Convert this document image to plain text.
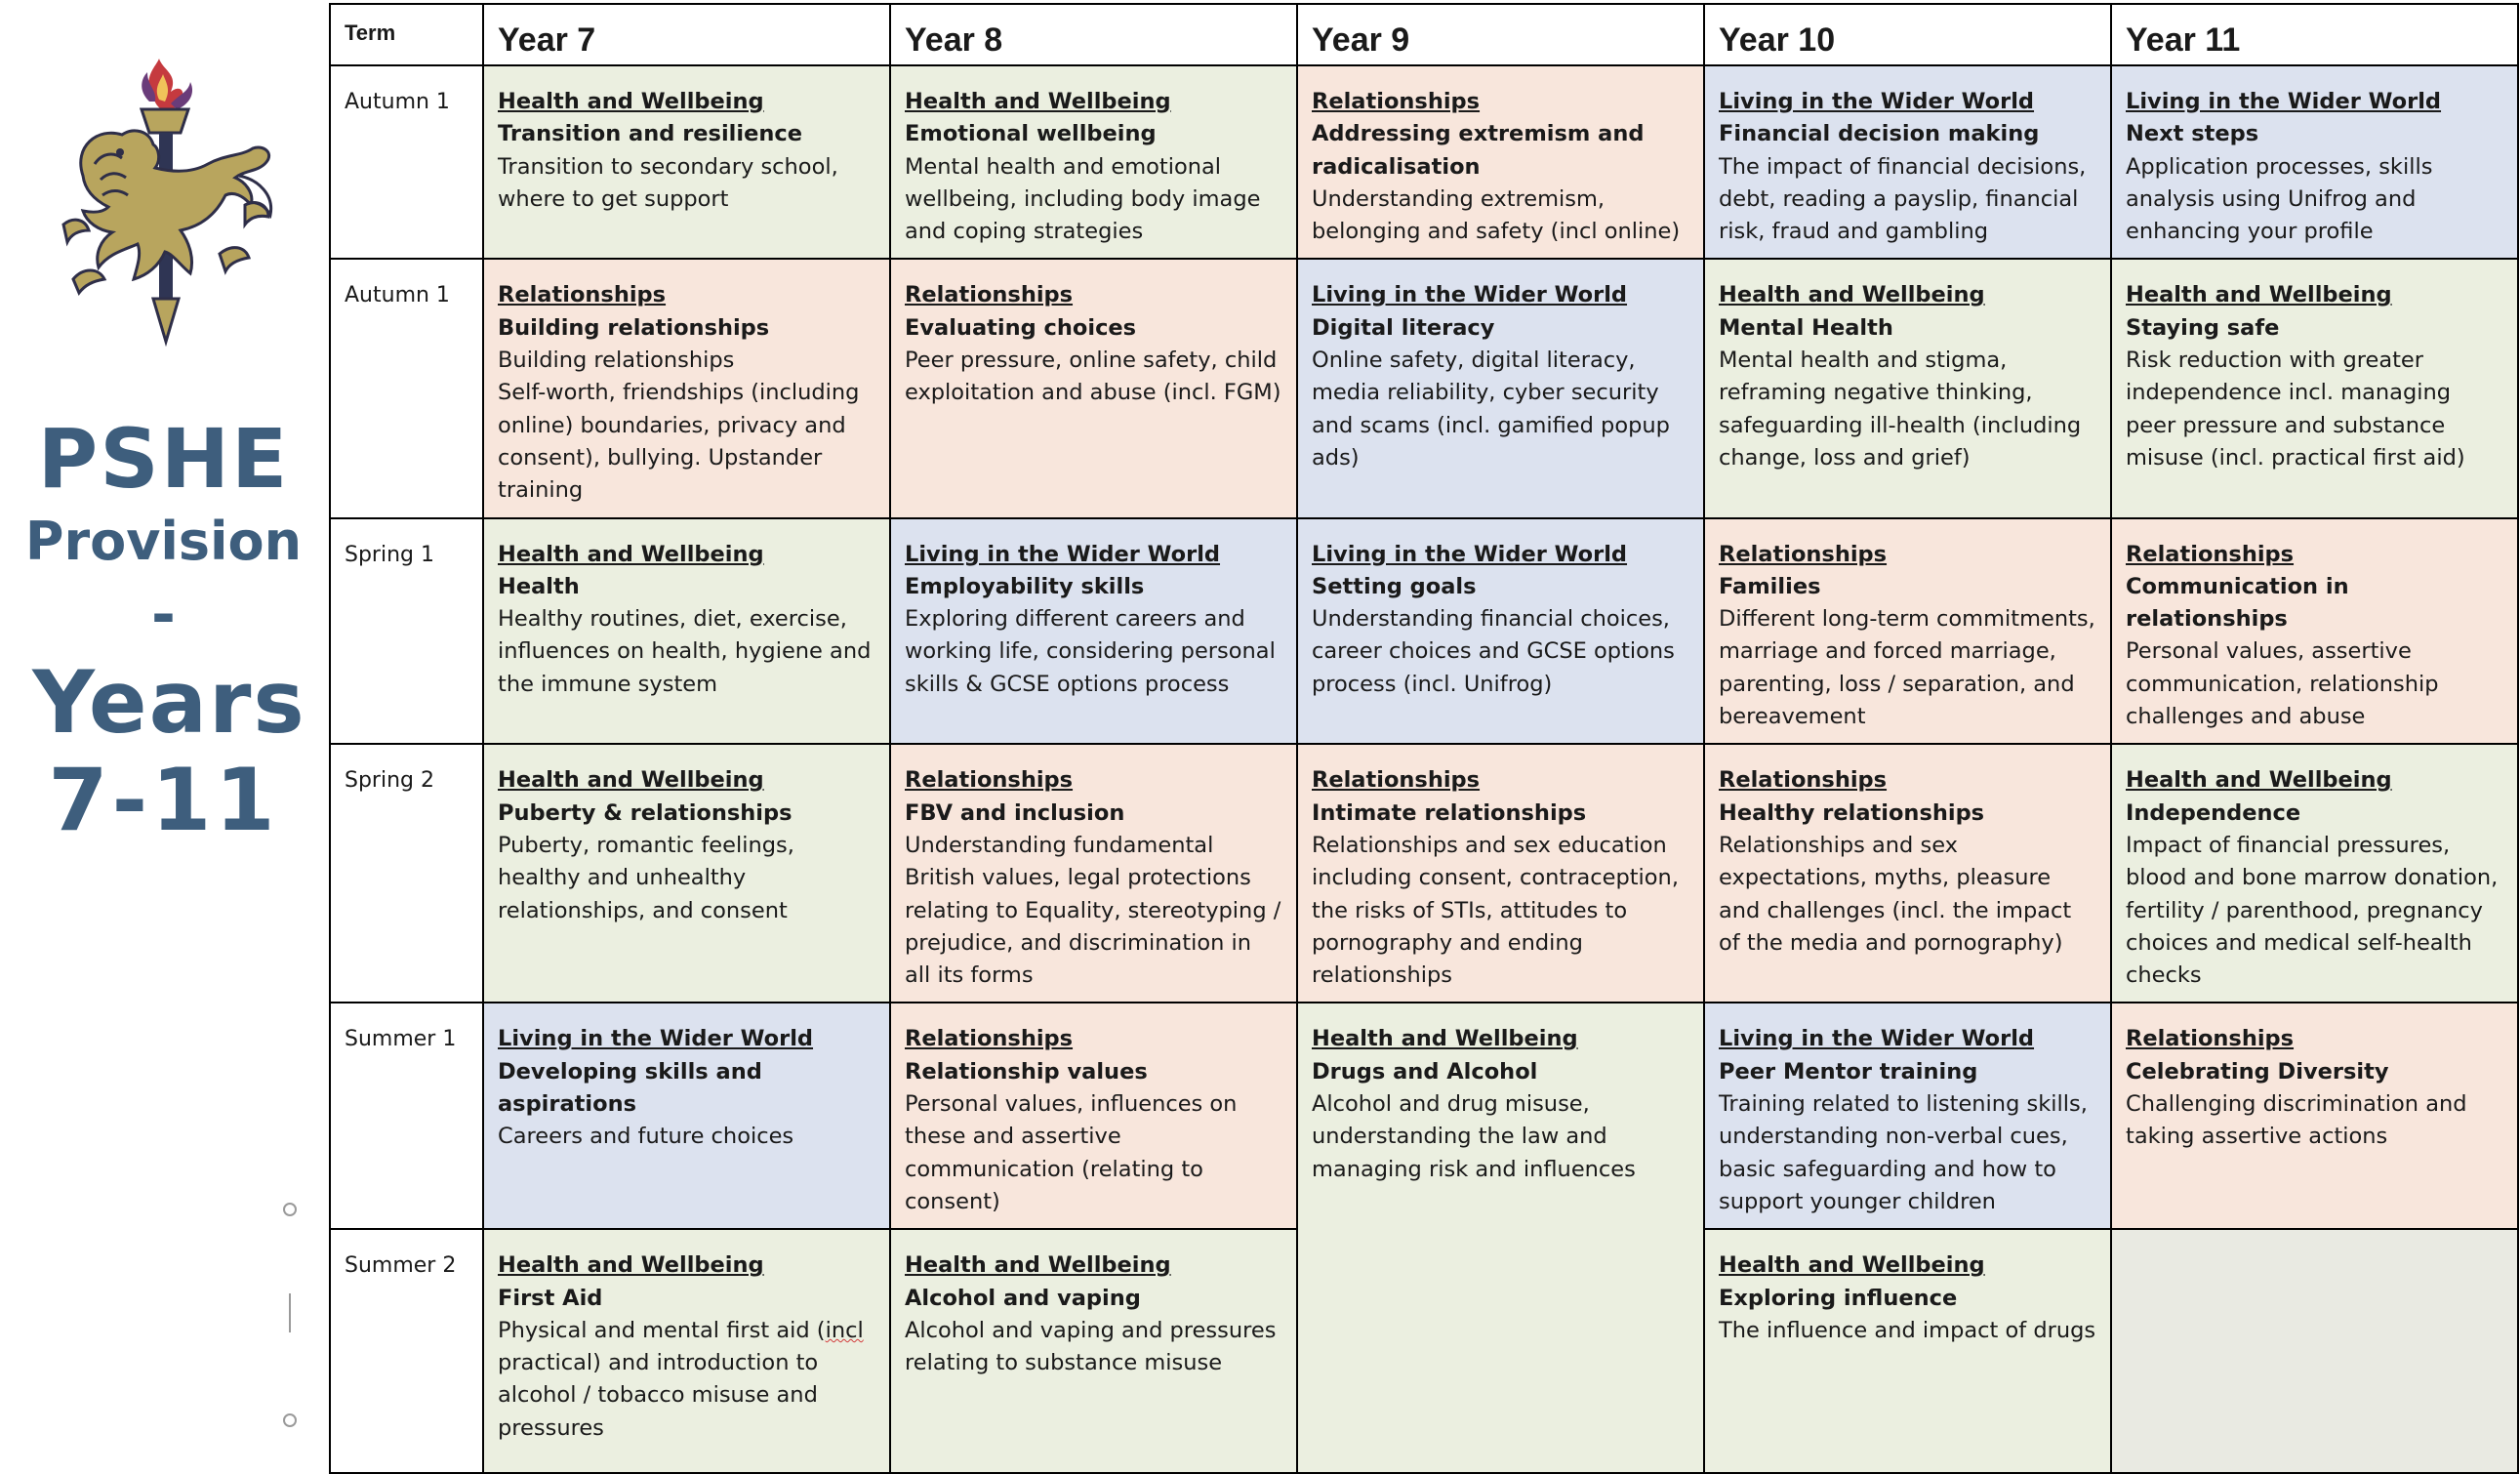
PSHE
Provision
-
Years
7-11
Term	Year 7	Year 8	Year 9	Year 10	Year 11
Autumn 1	Health and Wellbeing
Transition and resilience
Transition to secondary school, where to get support	Health and Wellbeing
Emotional wellbeing
Mental health and emotional wellbeing, including body image and coping strategies	Relationships
Addressing extremism and radicalisation
Understanding extremism, belonging and safety (incl online)	Living in the Wider World
Financial decision making
The impact of financial decisions, debt, reading a payslip, financial risk, fraud and gambling	Living in the Wider World
Next steps
Application processes, skills analysis using Unifrog and enhancing your profile

Autumn 1	Relationships
Building relationships
Building relationships
Self-worth, friendships (including online) boundaries, privacy and consent), bullying. Upstander training	Relationships
Evaluating choices
Peer pressure, online safety, child exploitation and abuse (incl. FGM)	Living in the Wider World
Digital literacy
Online safety, digital literacy, media reliability, cyber security and scams (incl. gamified popup ads)	Health and Wellbeing
Mental Health
Mental health and stigma, reframing negative thinking, safeguarding ill-health (including change, loss and grief)	Health and Wellbeing
Staying safe
Risk reduction with greater independence incl. managing peer pressure and substance misuse (incl. practical first aid)

Spring 1	Health and Wellbeing
Health
Healthy routines, diet, exercise, influences on health, hygiene and the immune system	Living in the Wider World
Employability skills
Exploring different careers and working life, considering personal skills & GCSE options process	Living in the Wider World
Setting goals
Understanding financial choices, career choices and GCSE options process (incl. Unifrog)	Relationships
Families
Different long-term commitments, marriage and forced marriage, parenting, loss / separation, and bereavement	Relationships
Communication in relationships
Personal values, assertive communication, relationship challenges and abuse

Spring 2	Health and Wellbeing
Puberty & relationships
Puberty, romantic feelings, healthy and unhealthy relationships, and consent	Relationships
FBV and inclusion
Understanding fundamental British values, legal protections relating to Equality, stereotyping / prejudice, and discrimination in all its forms	Relationships
Intimate relationships
Relationships and sex education including consent, contraception, the risks of STIs, attitudes to pornography and ending relationships	Relationships
Healthy relationships
Relationships and sex expectations, myths, pleasure and challenges (incl. the impact of the media and pornography)	Health and Wellbeing
Independence
Impact of financial pressures, blood and bone marrow donation, fertility / parenthood, pregnancy choices and medical self-health checks

Summer 1	Living in the Wider World
Developing skills and aspirations
Careers and future choices	Relationships
Relationship values
Personal values, influences on these and assertive communication (relating to consent)	Health and Wellbeing
Drugs and Alcohol
Alcohol and drug misuse, understanding the law and managing risk and influences	Living in the Wider World
Peer Mentor training
Training related to listening skills, understanding non-verbal cues, basic safeguarding and how to support younger children	Relationships
Celebrating Diversity
Challenging discrimination and taking assertive actions

Summer 2	Health and Wellbeing
First Aid
Physical and mental first aid (incl practical) and introduction to alcohol / tobacco misuse and pressures	Health and Wellbeing
Alcohol and vaping
Alcohol and vaping and pressures relating to substance misuse		Health and Wellbeing
Exploring influence
The influence and impact of drugs	
